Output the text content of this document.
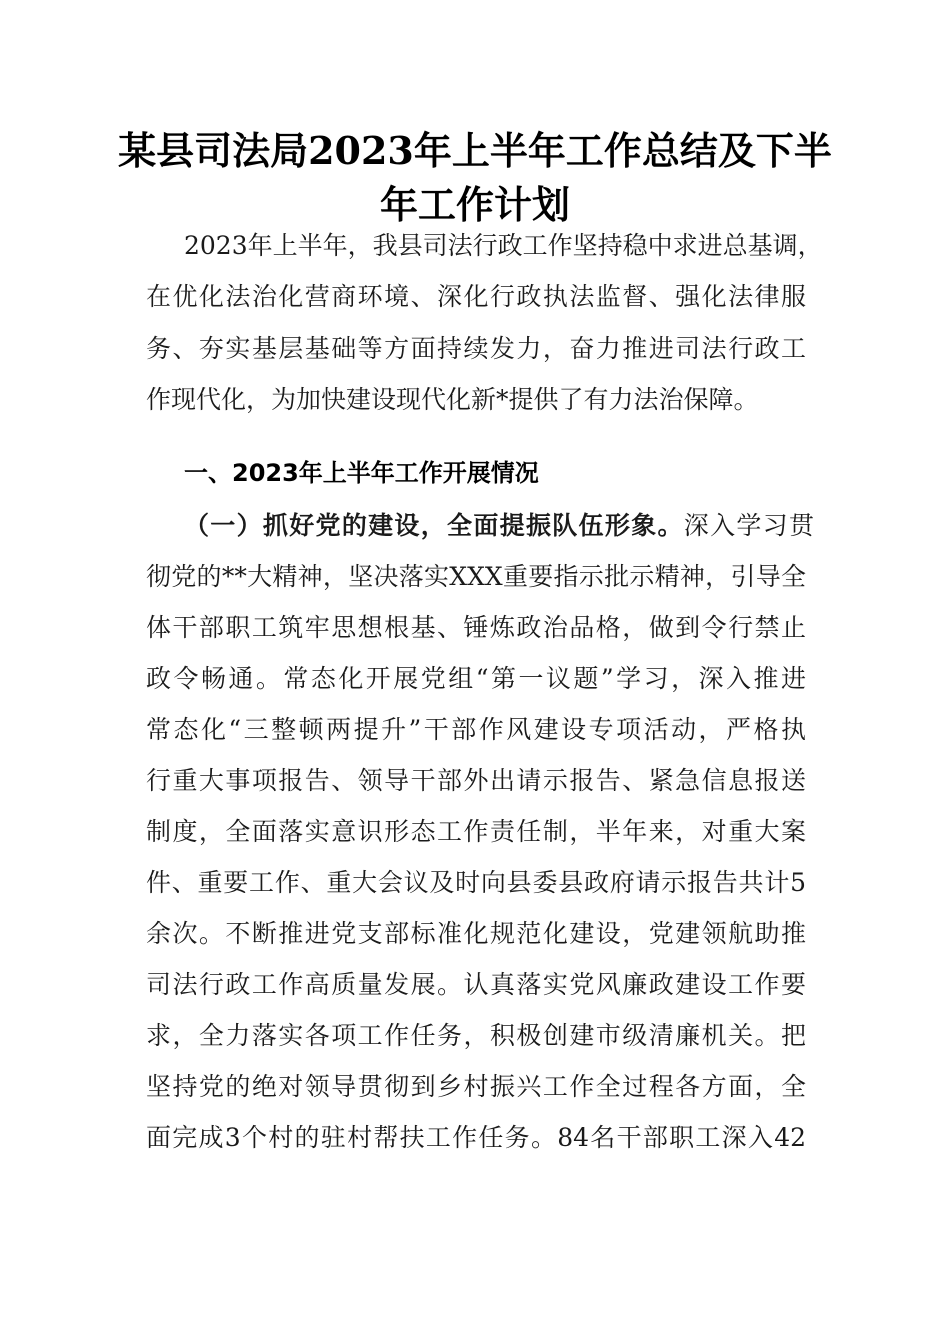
某县司法局2023年上半年工作总结及下半
年工作计划
2023年上半年，我县司法行政工作坚持稳中求进总基调，
在优化法治化营商环境、深化行政执法监督、强化法律服
务、夯实基层基础等方面持续发力，奋力推进司法行政工
作现代化，为加快建设现代化新*提供了有力法治保障。
一、2023年上半年工作开展情况
（一）抓好党的建设，全面提振队伍形象。深入学习贯
彻党的**大精神，坚决落实XXX重要指示批示精神，引导全
体干部职工筑牢思想根基、锤炼政治品格，做到令行禁止
政令畅通。常态化开展党组“第一议题”学习，深入推进
常态化“三整顿两提升”干部作风建设专项活动，严格执
行重大事项报告、领导干部外出请示报告、紧急信息报送
制度，全面落实意识形态工作责任制，半年来，对重大案
件、重要工作、重大会议及时向县委县政府请示报告共计5
余次。不断推进党支部标准化规范化建设，党建领航助推
司法行政工作高质量发展。认真落实党风廉政建设工作要
求，全力落实各项工作任务，积极创建市级清廉机关。把
坚持党的绝对领导贯彻到乡村振兴工作全过程各方面，全
面完成3个村的驻村帮扶工作任务。84名干部职工深入42
